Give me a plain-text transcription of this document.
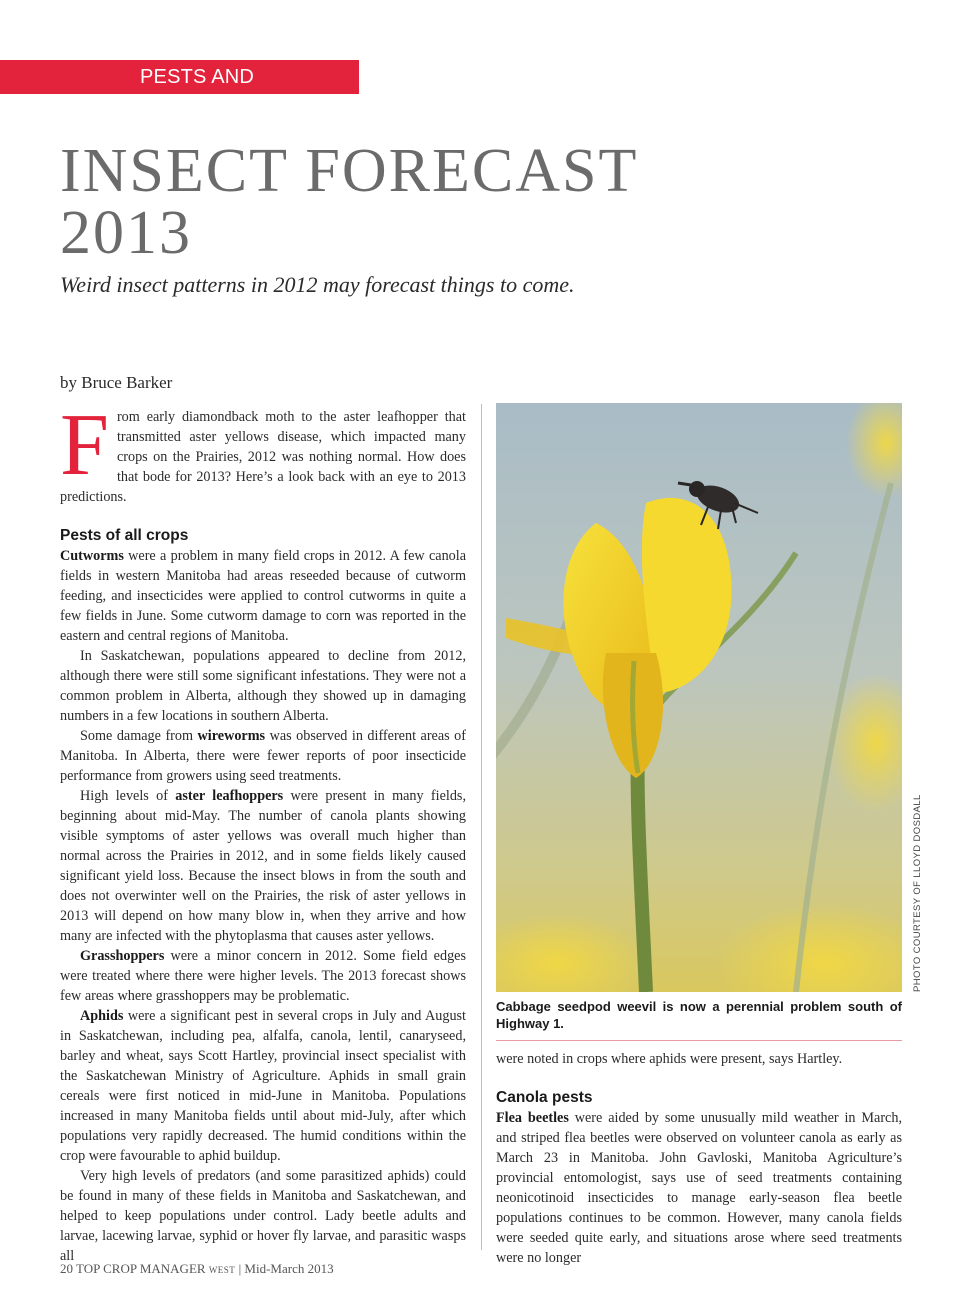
PESTS AND DISEASES
INSECT FORECAST
2013

Weird insect patterns in 2012 may forecast things to come.

by Bruce Barker

From early diamondback moth to the aster leafhopper that transmitted aster yellows disease, which impacted many crops on the Prairies, 2012 was nothing normal. How does that bode for 2013? Here’s a look back with an eye to 2013 predictions.

Pests of all crops

Cutworms were a problem in many field crops in 2012. A few canola fields in western Manitoba had areas reseeded because of cutworm feeding, and insecticides were applied to control cutworms in quite a few fields in June. Some cutworm damage to corn was reported in the eastern and central regions of Manitoba.

In Saskatchewan, populations appeared to decline from 2012, although there were still some significant infestations. They were not a common problem in Alberta, although they showed up in damaging numbers in a few locations in southern Alberta.

Some damage from wireworms was observed in different areas of Manitoba. In Alberta, there were fewer reports of poor insecticide performance from growers using seed treatments.

High levels of aster leafhoppers were present in many fields, beginning about mid-May. The number of canola plants showing visible symptoms of aster yellows was overall much higher than normal across the Prairies in 2012, and in some fields likely caused significant yield loss. Because the insect blows in from the south and does not overwinter well on the Prairies, the risk of aster yellows in 2013 will depend on how many blow in, when they arrive and how many are infected with the phytoplasma that causes aster yellows.

Grasshoppers were a minor concern in 2012. Some field edges were treated where there were higher levels. The 2013 forecast shows few areas where grasshoppers may be problematic.

Aphids were a significant pest in several crops in July and August in Saskatchewan, including pea, alfalfa, canola, lentil, canaryseed, barley and wheat, says Scott Hartley, provincial insect specialist with the Saskatchewan Ministry of Agriculture. Aphids in small grain cereals were first noticed in mid-June in Manitoba. Populations increased in many Manitoba fields until about mid-July, after which populations very rapidly decreased. The humid conditions within the crop were favourable to aphid buildup.

Very high levels of predators (and some parasitized aphids) could be found in many of these fields in Manitoba and Saskatchewan, and helped to keep populations under control. Lady beetle adults and larvae, lacewing larvae, syphid or hover fly larvae, and parasitic wasps all

PHOTO COURTESY OF LLOYD DOSDALL

Cabbage seedpod weevil is now a perennial problem south of Highway 1.

were noted in crops where aphids were present, says Hartley.

Canola pests

Flea beetles were aided by some unusually mild weather in March, and striped flea beetles were observed on volunteer canola as early as March 23 in Manitoba. John Gavloski, Manitoba Agriculture’s provincial entomologist, says use of seed treatments containing neonicotinoid insecticides to manage early-season flea beetle populations continues to be common. However, many canola fields were seeded quite early, and situations arose where seed treatments were no longer

20 TOP CROP MANAGER WEST | Mid-March 2013
